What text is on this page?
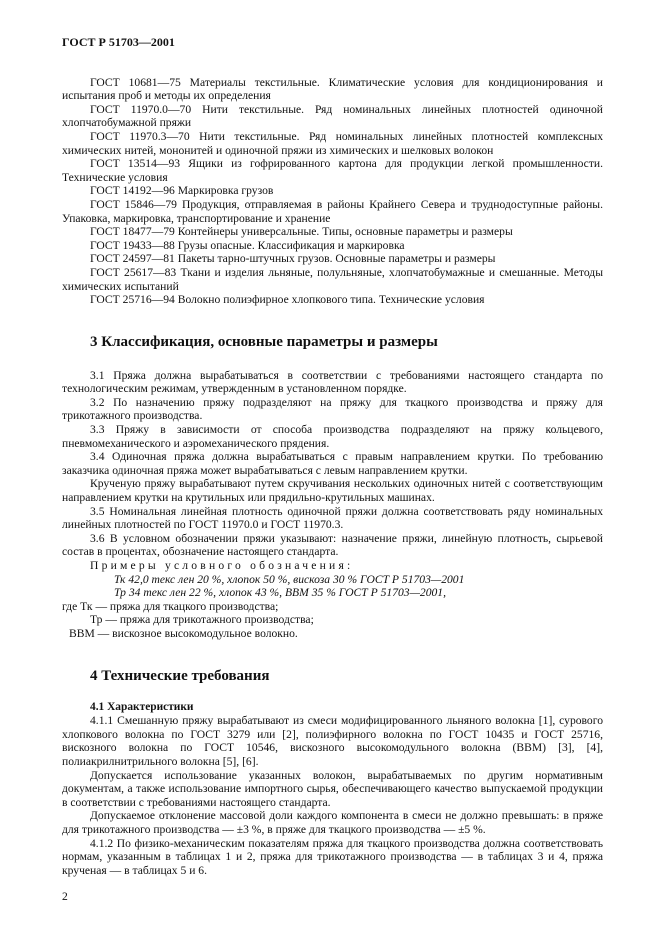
ГОСТ Р 51703—2001

ГОСТ 10681—75 Материалы текстильные. Климатические условия для кондиционирования и испытания проб и методы их определения

ГОСТ 11970.0—70 Нити текстильные. Ряд номинальных линейных плотностей одиночной хлопчатобумажной пряжи

ГОСТ 11970.3—70 Нити текстильные. Ряд номинальных линейных плотностей комплексных химических нитей, мононитей и одиночной пряжи из химических и шелковых волокон

ГОСТ 13514—93 Ящики из гофрированного картона для продукции легкой промышленности. Технические условия

ГОСТ 14192—96 Маркировка грузов

ГОСТ 15846—79 Продукция, отправляемая в районы Крайнего Севера и труднодоступные районы. Упаковка, маркировка, транспортирование и хранение

ГОСТ 18477—79 Контейнеры универсальные. Типы, основные параметры и размеры

ГОСТ 19433—88 Грузы опасные. Классификация и маркировка

ГОСТ 24597—81 Пакеты тарно-штучных грузов. Основные параметры и размеры

ГОСТ 25617—83 Ткани и изделия льняные, полульняные, хлопчатобумажные и смешанные. Методы химических испытаний

ГОСТ 25716—94 Волокно полиэфирное хлопкового типа. Технические условия

3 Классификация, основные параметры и размеры

3.1 Пряжа должна вырабатываться в соответствии с требованиями настоящего стандарта по технологическим режимам, утвержденным в установленном порядке.

3.2 По назначению пряжу подразделяют на пряжу для ткацкого производства и пряжу для трикотажного производства.

3.3 Пряжу в зависимости от способа производства подразделяют на пряжу кольцевого, пневмомеханического и аэромеханического прядения.

3.4 Одиночная пряжа должна вырабатываться с правым направлением крутки. По требованию заказчика одиночная пряжа может вырабатываться с левым направлением крутки.

Крученую пряжу вырабатывают путем скручивания нескольких одиночных нитей с соответствующим направлением крутки на крутильных или прядильно-крутильных машинах.

3.5 Номинальная линейная плотность одиночной пряжи должна соответствовать ряду номинальных линейных плотностей по ГОСТ 11970.0 и ГОСТ 11970.3.

3.6 В условном обозначении пряжи указывают: назначение пряжи, линейную плотность, сырьевой состав в процентах, обозначение настоящего стандарта.

Примеры условного обозначения:

Тк 42,0 текс лен 20 %, хлопок 50 %, вискоза 30 % ГОСТ Р 51703—2001

Тр 34 текс лен 22 %, хлопок 43 %, ВВМ 35 % ГОСТ Р 51703—2001,

где Тк — пряжа для ткацкого производства;

Тр — пряжа для трикотажного производства;

ВВМ — вискозное высокомодульное волокно.

4 Технические требования

4.1 Характеристики

4.1.1 Смешанную пряжу вырабатывают из смеси модифицированного льняного волокна [1], сурового хлопкового волокна по ГОСТ 3279 или [2], полиэфирного волокна по ГОСТ 10435 и ГОСТ 25716, вискозного волокна по ГОСТ 10546, вискозного высокомодульного волокна (ВВМ) [3], [4], полиакрилнитрильного волокна [5], [6].

Допускается использование указанных волокон, вырабатываемых по другим нормативным документам, а также использование импортного сырья, обеспечивающего качество выпускаемой продукции в соответствии с требованиями настоящего стандарта.

Допускаемое отклонение массовой доли каждого компонента в смеси не должно превышать: в пряже для трикотажного производства — ±3 %, в пряже для ткацкого производства — ±5 %.

4.1.2 По физико-механическим показателям пряжа для ткацкого производства должна соответствовать нормам, указанным в таблицах 1 и 2, пряжа для трикотажного производства — в таблицах 3 и 4, пряжа крученая — в таблицах 5 и 6.

2
